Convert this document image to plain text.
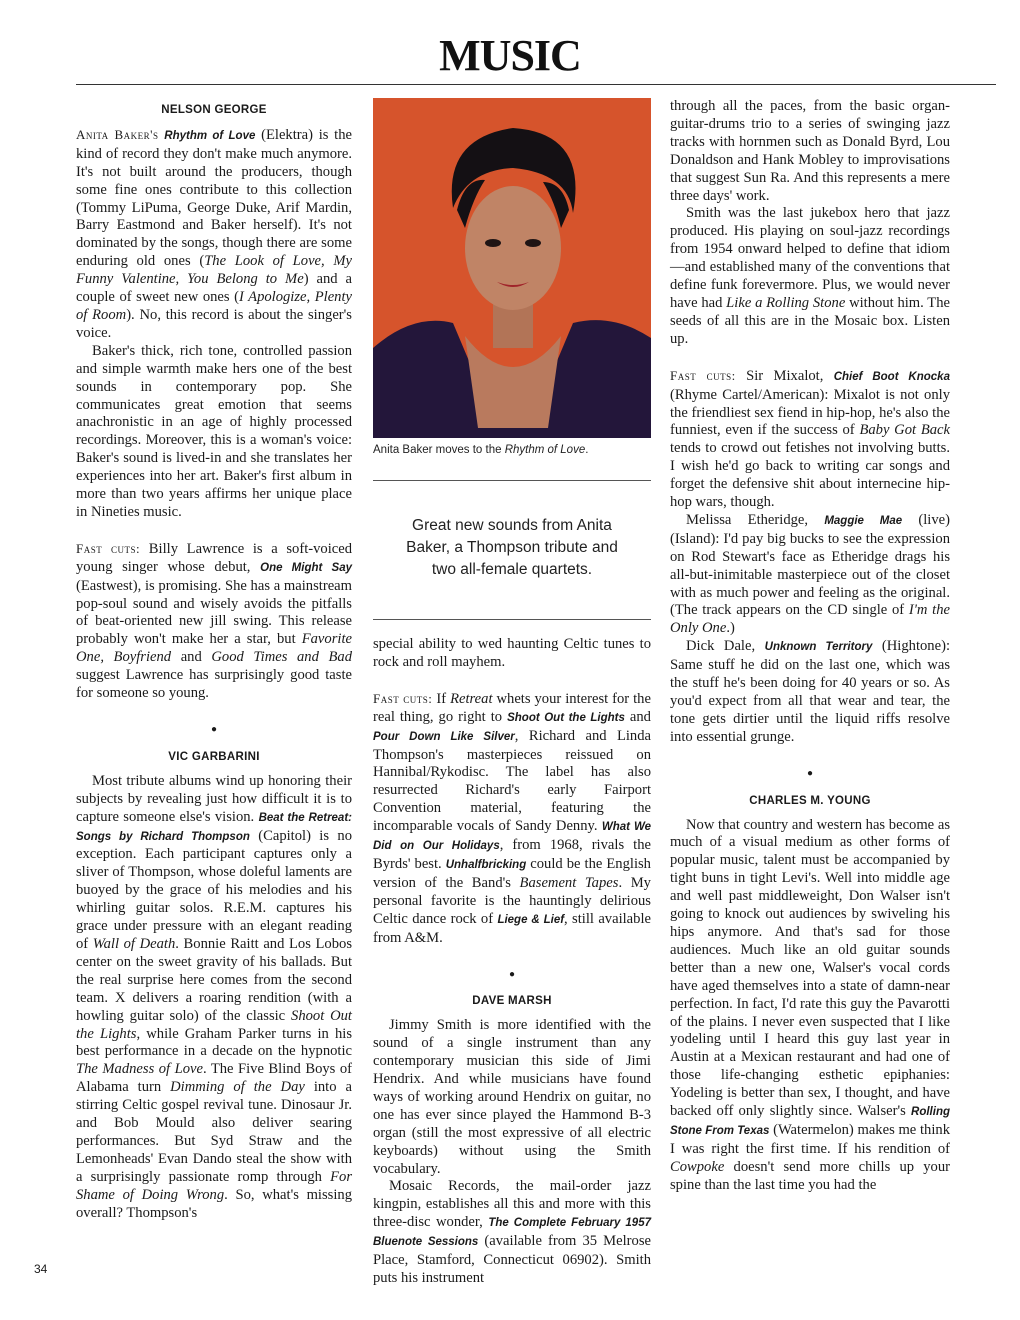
MUSIC
NELSON GEORGE

Anita Baker's Rhythm of Love (Elektra) is the kind of record they don't make much anymore. It's not built around the producers, though some fine ones contribute to this collection (Tommy LiPuma, George Duke, Arif Mardin, Barry Eastmond and Baker herself). It's not dominated by the songs, though there are some enduring old ones (The Look of Love, My Funny Valentine, You Belong to Me) and a couple of sweet new ones (I Apologize, Plenty of Room). No, this record is about the singer's voice.

Baker's thick, rich tone, controlled passion and simple warmth make hers one of the best sounds in contemporary pop. She communicates great emotion that seems anachronistic in an age of highly processed recordings. Moreover, this is a woman's voice: Baker's sound is lived-in and she translates her experiences into her art. Baker's first album in more than two years affirms her unique place in Nineties music.

Fast cuts: Billy Lawrence is a soft-voiced young singer whose debut, One Might Say (Eastwest), is promising. She has a mainstream pop-soul sound and wisely avoids the pitfalls of beat-oriented new jill swing. This release probably won't make her a star, but Favorite One, Boyfriend and Good Times and Bad suggest Lawrence has surprisingly good taste for someone so young.

●
VIC GARBARINI

Most tribute albums wind up honoring their subjects by revealing just how difficult it is to capture someone else's vision. Beat the Retreat: Songs by Richard Thompson (Capitol) is no exception. Each participant captures only a sliver of Thompson, whose doleful laments are buoyed by the grace of his melodies and his whirling guitar solos. R.E.M. captures his grace under pressure with an elegant reading of Wall of Death. Bonnie Raitt and Los Lobos center on the sweet gravity of his ballads. But the real surprise here comes from the second team. X delivers a roaring rendition (with a howling guitar solo) of the classic Shoot Out the Lights, while Graham Parker turns in his best performance in a decade on the hypnotic The Madness of Love. The Five Blind Boys of Alabama turn Dimming of the Day into a stirring Celtic gospel revival tune. Dinosaur Jr. and Bob Mould also deliver searing performances. But Syd Straw and the Lemonheads' Evan Dando steal the show with a surprisingly passionate romp through For Shame of Doing Wrong. So, what's missing overall? Thompson's

Anita Baker moves to the Rhythm of Love.
Great new sounds from Anita Baker, a Thompson tribute and two all-female quartets.

special ability to wed haunting Celtic tunes to rock and roll mayhem.

Fast cuts: If Retreat whets your interest for the real thing, go right to Shoot Out the Lights and Pour Down Like Silver, Richard and Linda Thompson's masterpieces reissued on Hannibal/Rykodisc. The label has also resurrected Richard's early Fairport Convention material, featuring the incomparable vocals of Sandy Denny. What We Did on Our Holidays, from 1968, rivals the Byrds' best. Unhalfbricking could be the English version of the Band's Basement Tapes. My personal favorite is the hauntingly delirious Celtic dance rock of Liege & Lief, still available from A&M.

●
DAVE MARSH

Jimmy Smith is more identified with the sound of a single instrument than any contemporary musician this side of Jimi Hendrix. And while musicians have found ways of working around Hendrix on guitar, no one has ever since played the Hammond B-3 organ (still the most expressive of all electric keyboards) without using the Smith vocabulary.

Mosaic Records, the mail-order jazz kingpin, establishes all this and more with this three-disc wonder, The Complete February 1957 Bluenote Sessions (available from 35 Melrose Place, Stamford, Connecticut 06902). Smith puts his instrument

through all the paces, from the basic organ-guitar-drums trio to a series of swinging jazz tracks with hornmen such as Donald Byrd, Lou Donaldson and Hank Mobley to improvisations that suggest Sun Ra. And this represents a mere three days' work.

Smith was the last jukebox hero that jazz produced. His playing on soul-jazz recordings from 1954 onward helped to define that idiom—and established many of the conventions that define funk forevermore. Plus, we would never have had Like a Rolling Stone without him. The seeds of all this are in the Mosaic box. Listen up.

Fast cuts: Sir Mixalot, Chief Boot Knocka (Rhyme Cartel/American): Mixalot is not only the friendliest sex fiend in hip-hop, he's also the funniest, even if the success of Baby Got Back tends to crowd out fetishes not involving butts. I wish he'd go back to writing car songs and forget the defensive shit about internecine hip-hop wars, though.

Melissa Etheridge, Maggie Mae (live) (Island): I'd pay big bucks to see the expression on Rod Stewart's face as Etheridge drags his all-but-inimitable masterpiece out of the closet with as much power and feeling as the original. (The track appears on the CD single of I'm the Only One.)

Dick Dale, Unknown Territory (Hightone): Same stuff he did on the last one, which was the stuff he's been doing for 40 years or so. As you'd expect from all that wear and tear, the tone gets dirtier until the liquid riffs resolve into essential grunge.

●
CHARLES M. YOUNG

Now that country and western has become as much of a visual medium as other forms of popular music, talent must be accompanied by tight buns in tight Levi's. Well into middle age and well past middleweight, Don Walser isn't going to knock out audiences by swiveling his hips anymore. And that's sad for those audiences. Much like an old guitar sounds better than a new one, Walser's vocal cords have aged themselves into a state of damn-near perfection. In fact, I'd rate this guy the Pavarotti of the plains. I never even suspected that I like yodeling until I heard this guy last year in Austin at a Mexican restaurant and had one of those life-changing esthetic epiphanies: Yodeling is better than sex, I thought, and have backed off only slightly since. Walser's Rolling Stone From Texas (Watermelon) makes me think I was right the first time. If his rendition of Cowpoke doesn't send more chills up your spine than the last time you had the

34
